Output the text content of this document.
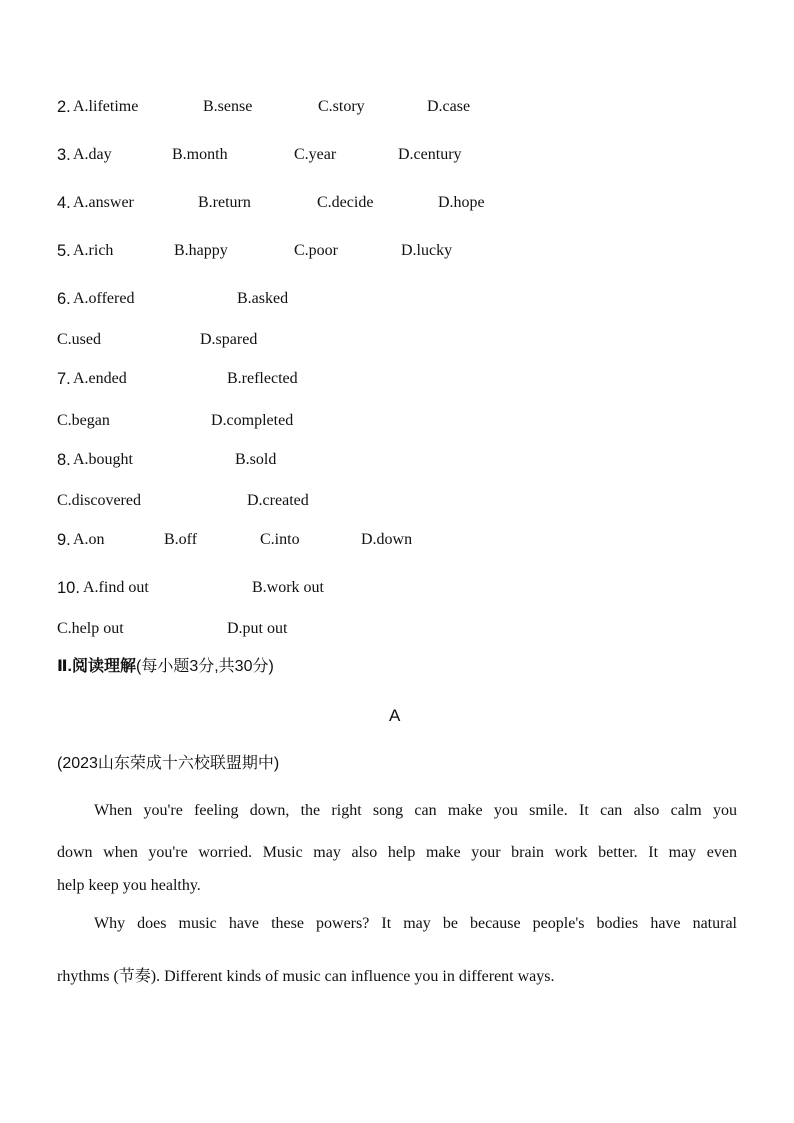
2. A.lifetime	B.sense	C.story	D.case
3. A.day	B.month	C.year	D.century
4. A.answer	B.return	C.decide	D.hope
5. A.rich	B.happy	C.poor	D.lucky
6. A.offered	B.asked
C.used	D.spared
7. A.ended	B.reflected
C.began	D.completed
8. A.bought	B.sold
C.discovered	D.created
9. A.on	B.off	C.into	D.down
10. A.find out	B.work out
C.help out	D.put out
Ⅱ.阅读理解(每小题3分,共30分)
A
(2023山东荣成十六校联盟期中)
When you're feeling down, the right song can make you smile. It can also calm you
down when you're worried. Music may also help make your brain work better. It may even
help keep you healthy.
Why does music have these powers? It may be because people's bodies have natural
rhythms (节奏). Different kinds of music can influence you in different ways.
